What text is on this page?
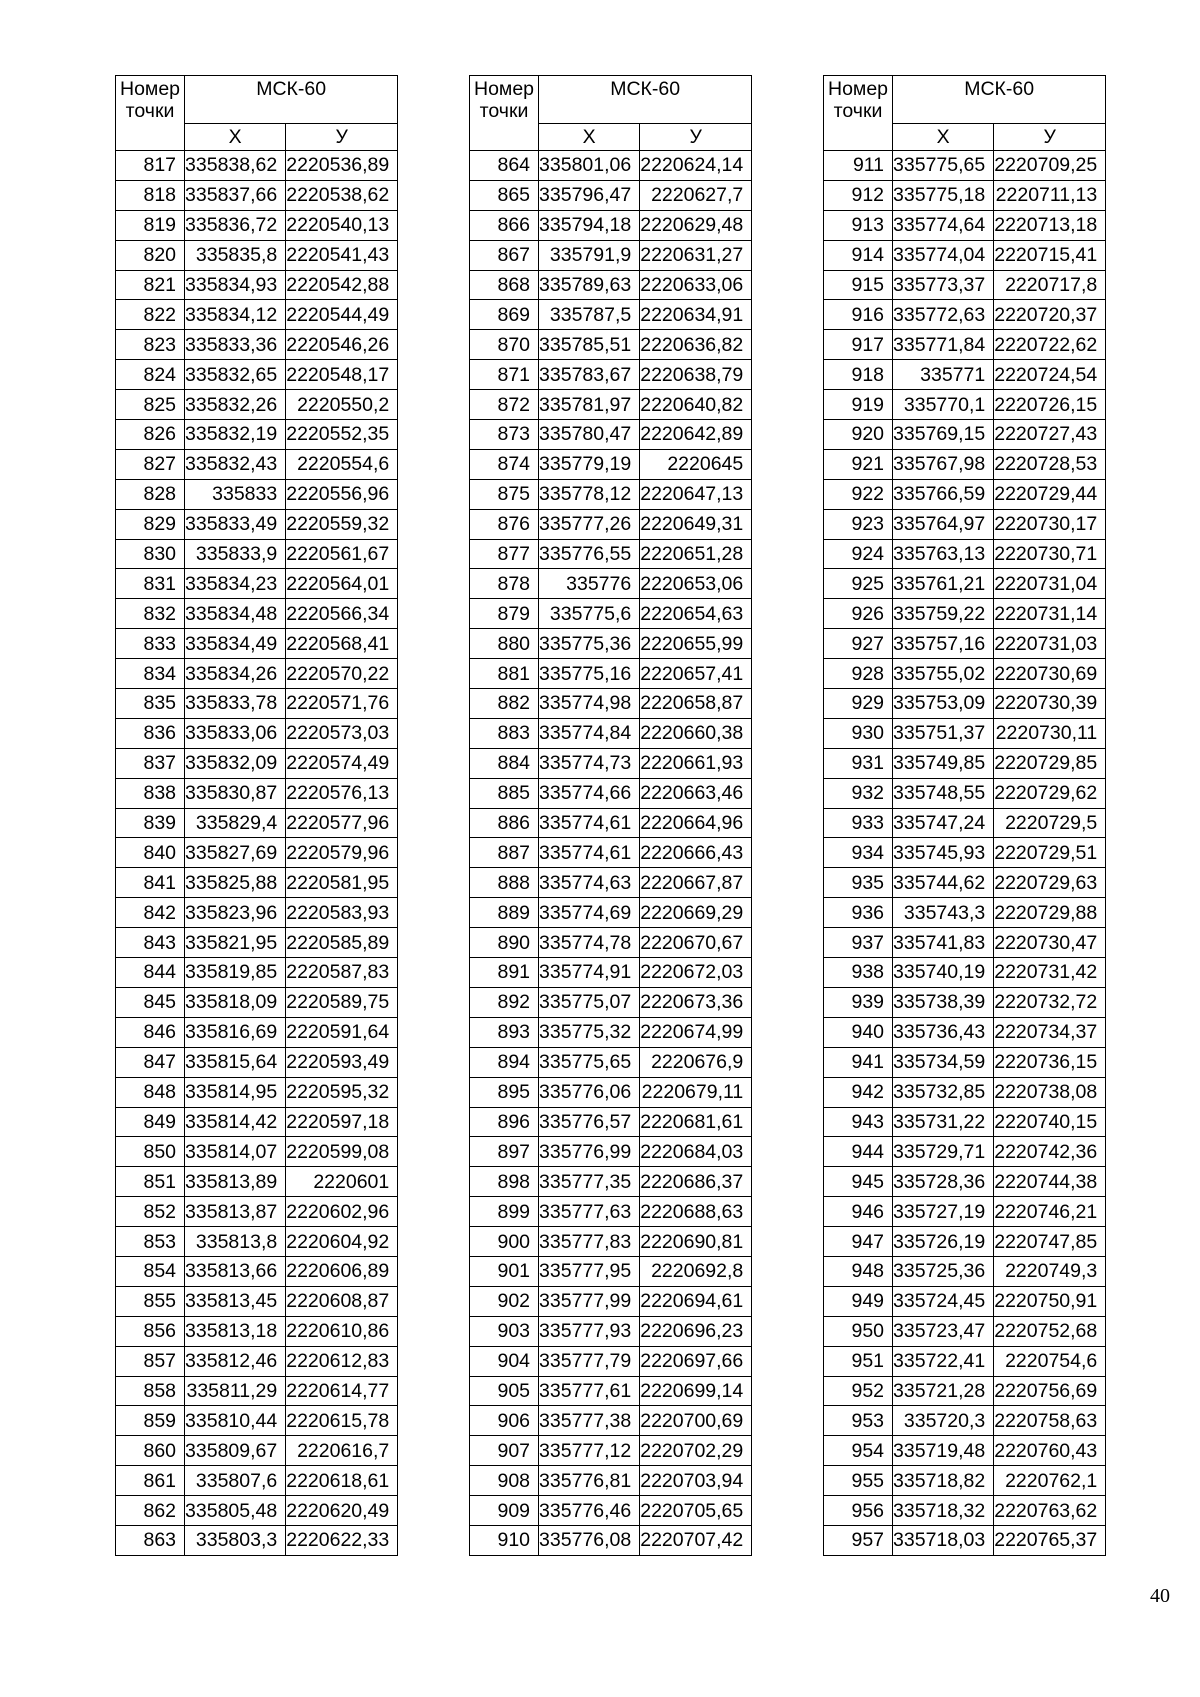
Номер точки	МСК-60	
	Х	У
817	335838,62	2220536,89
818	335837,66	2220538,62
819	335836,72	2220540,13
820	335835,8	2220541,43
821	335834,93	2220542,88
822	335834,12	2220544,49
823	335833,36	2220546,26
824	335832,65	2220548,17
825	335832,26	2220550,2
826	335832,19	2220552,35
827	335832,43	2220554,6
828	335833	2220556,96
829	335833,49	2220559,32
830	335833,9	2220561,67
831	335834,23	2220564,01
832	335834,48	2220566,34
833	335834,49	2220568,41
834	335834,26	2220570,22
835	335833,78	2220571,76
836	335833,06	2220573,03
837	335832,09	2220574,49
838	335830,87	2220576,13
839	335829,4	2220577,96
840	335827,69	2220579,96
841	335825,88	2220581,95
842	335823,96	2220583,93
843	335821,95	2220585,89
844	335819,85	2220587,83
845	335818,09	2220589,75
846	335816,69	2220591,64
847	335815,64	2220593,49
848	335814,95	2220595,32
849	335814,42	2220597,18
850	335814,07	2220599,08
851	335813,89	2220601
852	335813,87	2220602,96
853	335813,8	2220604,92
854	335813,66	2220606,89
855	335813,45	2220608,87
856	335813,18	2220610,86
857	335812,46	2220612,83
858	335811,29	2220614,77
859	335810,44	2220615,78
860	335809,67	2220616,7
861	335807,6	2220618,61
862	335805,48	2220620,49
863	335803,3	2220622,33
Номер точки	МСК-60	
	Х	У
864	335801,06	2220624,14
865	335796,47	2220627,7
866	335794,18	2220629,48
867	335791,9	2220631,27
868	335789,63	2220633,06
869	335787,5	2220634,91
870	335785,51	2220636,82
871	335783,67	2220638,79
872	335781,97	2220640,82
873	335780,47	2220642,89
874	335779,19	2220645
875	335778,12	2220647,13
876	335777,26	2220649,31
877	335776,55	2220651,28
878	335776	2220653,06
879	335775,6	2220654,63
880	335775,36	2220655,99
881	335775,16	2220657,41
882	335774,98	2220658,87
883	335774,84	2220660,38
884	335774,73	2220661,93
885	335774,66	2220663,46
886	335774,61	2220664,96
887	335774,61	2220666,43
888	335774,63	2220667,87
889	335774,69	2220669,29
890	335774,78	2220670,67
891	335774,91	2220672,03
892	335775,07	2220673,36
893	335775,32	2220674,99
894	335775,65	2220676,9
895	335776,06	2220679,11
896	335776,57	2220681,61
897	335776,99	2220684,03
898	335777,35	2220686,37
899	335777,63	2220688,63
900	335777,83	2220690,81
901	335777,95	2220692,8
902	335777,99	2220694,61
903	335777,93	2220696,23
904	335777,79	2220697,66
905	335777,61	2220699,14
906	335777,38	2220700,69
907	335777,12	2220702,29
908	335776,81	2220703,94
909	335776,46	2220705,65
910	335776,08	2220707,42
Номер точки	МСК-60	
	Х	У
911	335775,65	2220709,25
912	335775,18	2220711,13
913	335774,64	2220713,18
914	335774,04	2220715,41
915	335773,37	2220717,8
916	335772,63	2220720,37
917	335771,84	2220722,62
918	335771	2220724,54
919	335770,1	2220726,15
920	335769,15	2220727,43
921	335767,98	2220728,53
922	335766,59	2220729,44
923	335764,97	2220730,17
924	335763,13	2220730,71
925	335761,21	2220731,04
926	335759,22	2220731,14
927	335757,16	2220731,03
928	335755,02	2220730,69
929	335753,09	2220730,39
930	335751,37	2220730,11
931	335749,85	2220729,85
932	335748,55	2220729,62
933	335747,24	2220729,5
934	335745,93	2220729,51
935	335744,62	2220729,63
936	335743,3	2220729,88
937	335741,83	2220730,47
938	335740,19	2220731,42
939	335738,39	2220732,72
940	335736,43	2220734,37
941	335734,59	2220736,15
942	335732,85	2220738,08
943	335731,22	2220740,15
944	335729,71	2220742,36
945	335728,36	2220744,38
946	335727,19	2220746,21
947	335726,19	2220747,85
948	335725,36	2220749,3
949	335724,45	2220750,91
950	335723,47	2220752,68
951	335722,41	2220754,6
952	335721,28	2220756,69
953	335720,3	2220758,63
954	335719,48	2220760,43
955	335718,82	2220762,1
956	335718,32	2220763,62
957	335718,03	2220765,37
40
